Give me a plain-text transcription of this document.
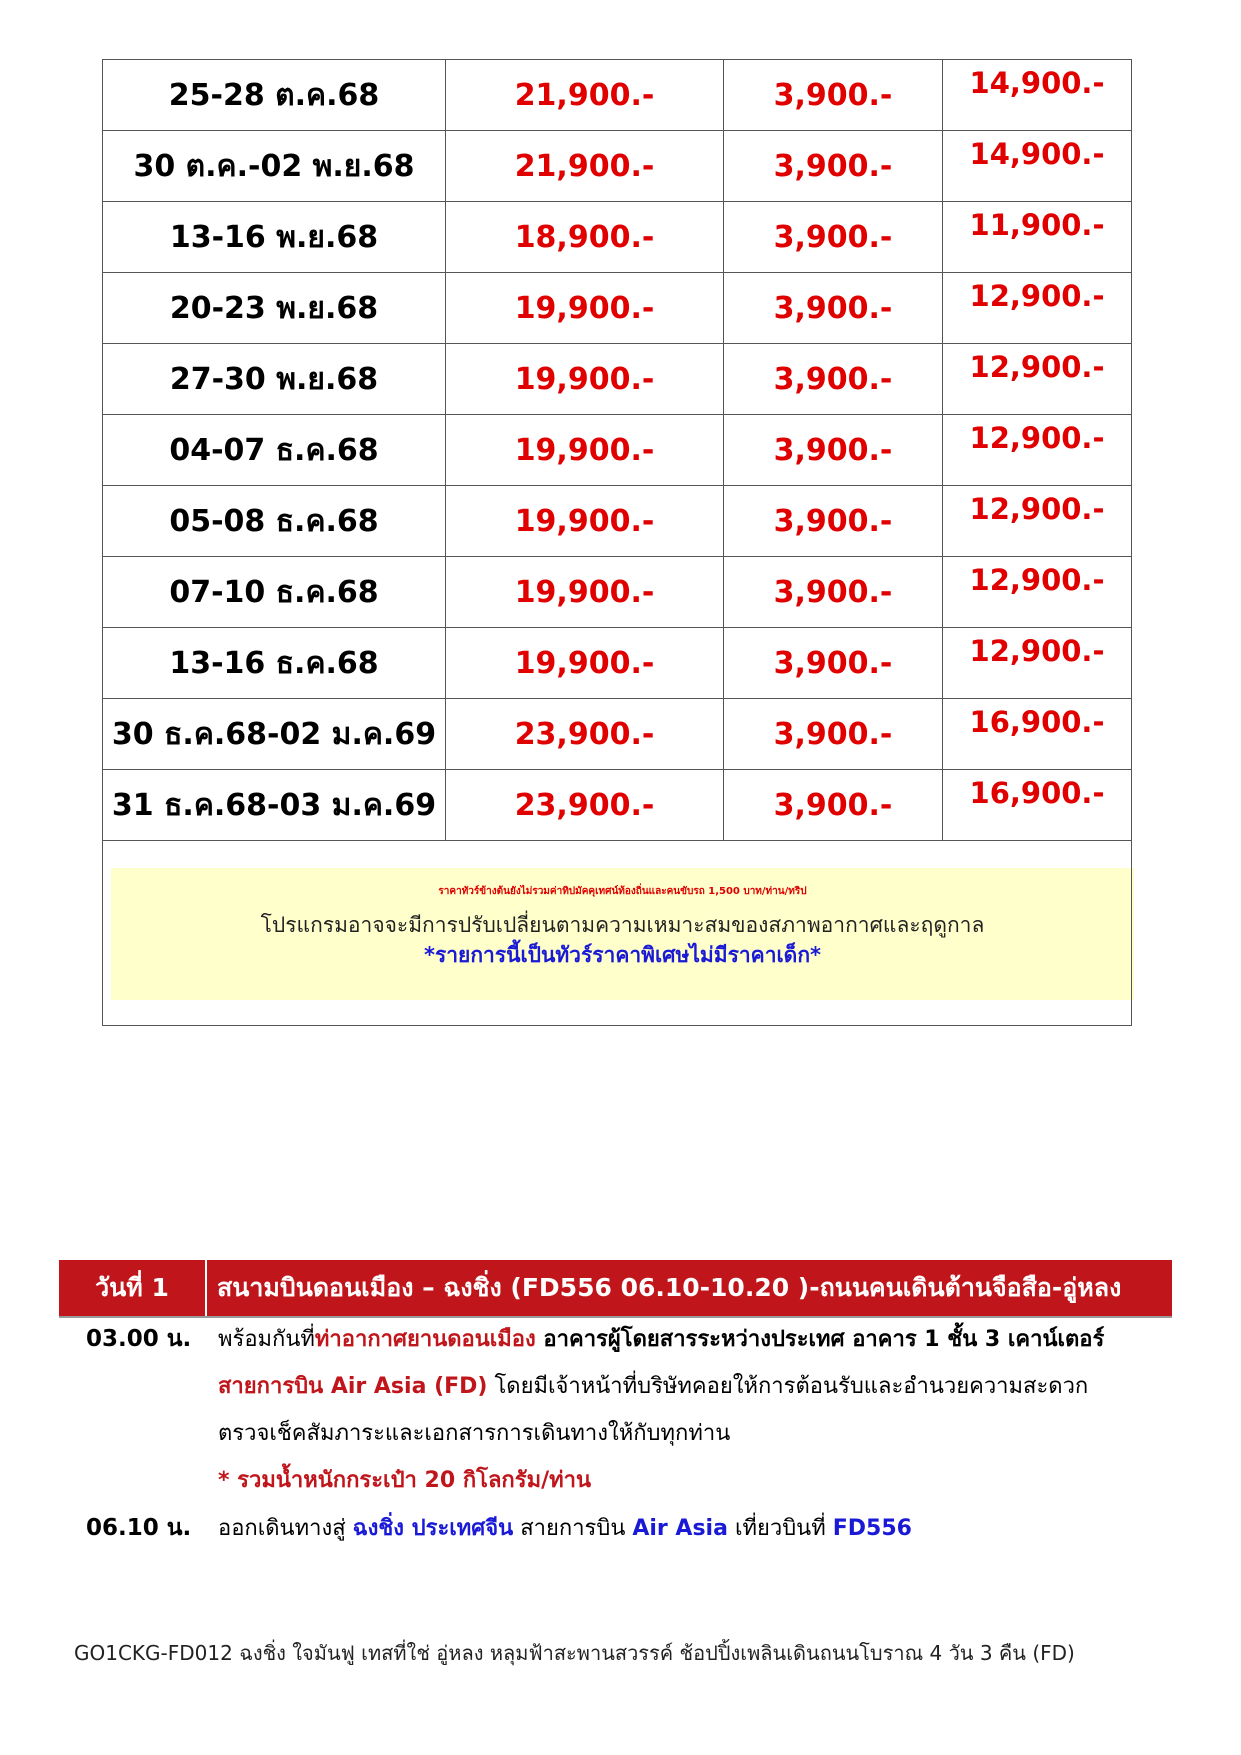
25-28 ต.ค.68	21,900.-	3,900.-	14,900.-
30 ต.ค.-02 พ.ย.68	21,900.-	3,900.-	14,900.-
13-16 พ.ย.68	18,900.-	3,900.-	11,900.-
20-23 พ.ย.68	19,900.-	3,900.-	12,900.-
27-30 พ.ย.68	19,900.-	3,900.-	12,900.-
04-07 ธ.ค.68	19,900.-	3,900.-	12,900.-
05-08 ธ.ค.68	19,900.-	3,900.-	12,900.-
07-10 ธ.ค.68	19,900.-	3,900.-	12,900.-
13-16 ธ.ค.68	19,900.-	3,900.-	12,900.-
30 ธ.ค.68-02 ม.ค.69	23,900.-	3,900.-	16,900.-
31 ธ.ค.68-03 ม.ค.69	23,900.-	3,900.-	16,900.-

ราคาทัวร์ข้างต้นยังไม่รวมค่าทิปมัคคุเทศน์ท้องถิ่นและคนขับรถ 1,500 บาท/ท่าน/ทริป
โปรแกรมอาจจะมีการปรับเปลี่ยนตามความเหมาะสมของสภาพอากาศและฤดูกาล
*รายการนี้เป็นทัวร์ราคาพิเศษไม่มีราคาเด็ก*			
วันที่ 1	สนามบินดอนเมือง – ฉงชิ่ง (FD556 06.10-10.20 )-ถนนคนเดินต้านจือสือ-อู่หลง
03.00 น. พร้อมกันที่ท่าอากาศยานดอนเมือง อาคารผู้โดยสารระหว่างประเทศ อาคาร 1 ชั้น 3 เคาน์เตอร์
สายการบิน Air Asia (FD) โดยมีเจ้าหน้าที่บริษัทคอยให้การต้อนรับและอำนวยความสะดวก
ตรวจเช็คสัมภาระและเอกสารการเดินทางให้กับทุกท่าน
* รวมน้ำหนักกระเป๋า 20 กิโลกรัม/ท่าน
06.10 น. ออกเดินทางสู่ ฉงชิ่ง ประเทศจีน สายการบิน Air Asia เที่ยวบินที่ FD556
GO1CKG-FD012 ฉงชิ่ง ใจมันฟู เทสที่ใช่ อู่หลง หลุมฟ้าสะพานสวรรค์ ช้อปปิ้งเพลินเดินถนนโบราณ 4 วัน 3 คืน (FD)
